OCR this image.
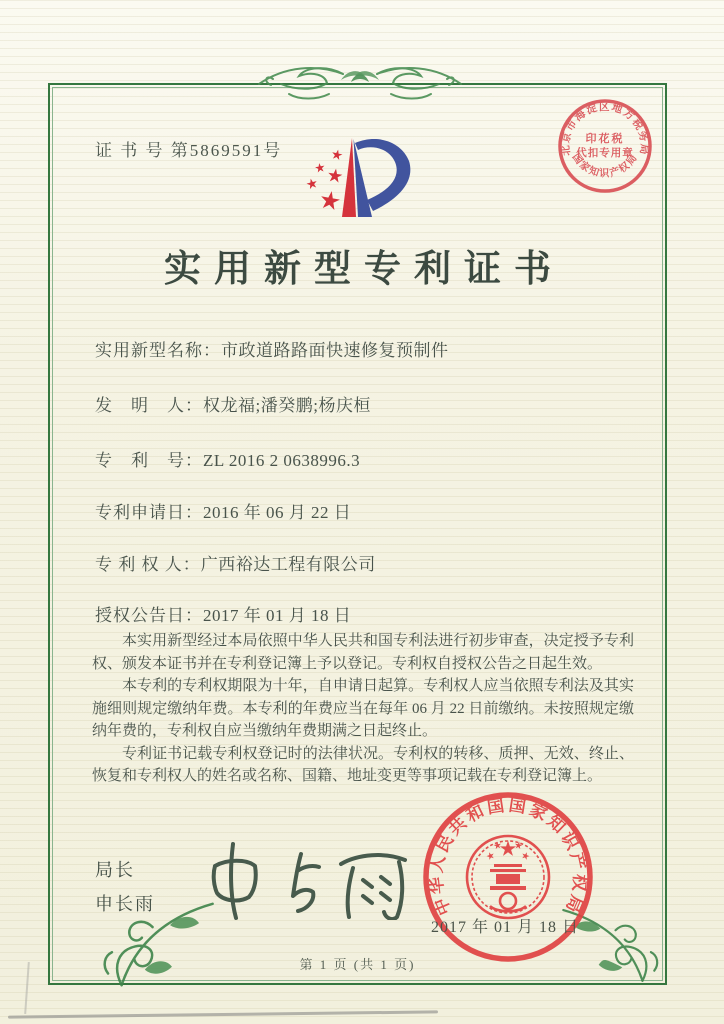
证 书 号 第5869591号	北京市海淀区地方税务局
国家知识产权局
印花税
代扣专用章
实用新型专利证书
实用新型名称：市政道路路面快速修复预制件
发　明　人：权龙福;潘癸鹏;杨庆桓
专　利　号：ZL 2016 2 0638996.3
专利申请日：2016 年 06 月 22 日
专 利 权 人：广西裕达工程有限公司
授权公告日：2017 年 01 月 18 日

本实用新型经过本局依照中华人民共和国专利法进行初步审查，决定授予专利权、颁发本证书并在专利登记簿上予以登记。专利权自授权公告之日起生效。

本专利的专利权期限为十年，自申请日起算。专利权人应当依照专利法及其实施细则规定缴纳年费。本专利的年费应当在每年 06 月 22 日前缴纳。未按照规定缴纳年费的，专利权自应当缴纳年费期满之日起终止。

专利证书记载专利权登记时的法律状况。专利权的转移、质押、无效、终止、恢复和专利权人的姓名或名称、国籍、地址变更等事项记载在专利登记簿上。

局长
申长雨	中华人民共和国国家知识产权局
2017 年 01 月 18 日
第 1 页 (共 1 页)
